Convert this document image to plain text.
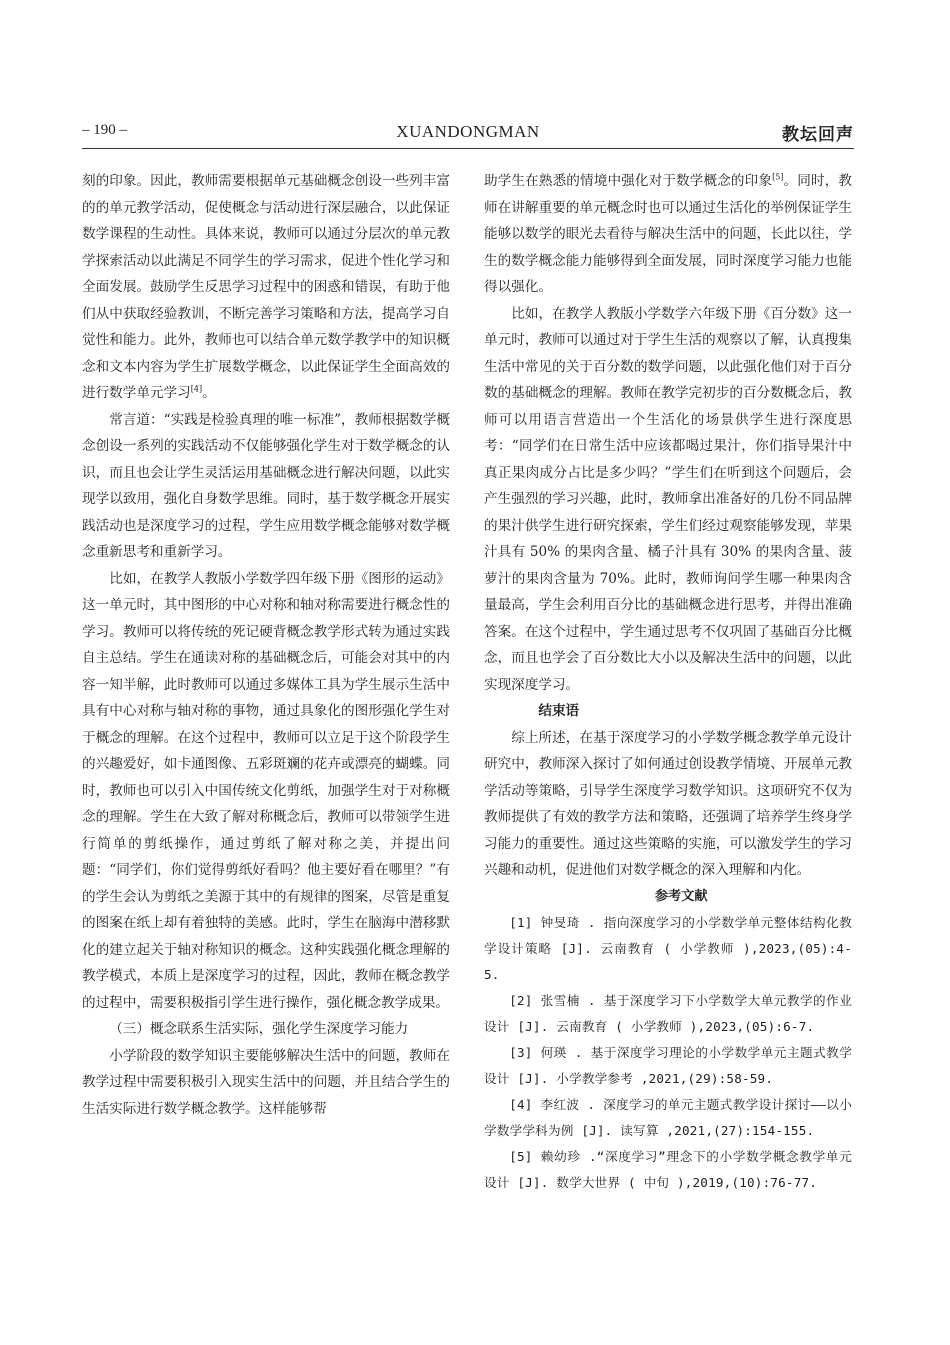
– 190 –	XUANDONGMAN	教坛回声

刻的印象。因此，教师需要根据单元基础概念创设一些列丰富的的单元教学活动，促使概念与活动进行深层融合，以此保证数学课程的生动性。具体来说，教师可以通过分层次的单元教学探索活动以此满足不同学生的学习需求，促进个性化学习和全面发展。鼓励学生反思学习过程中的困惑和错误，有助于他们从中获取经验教训，不断完善学习策略和方法，提高学习自觉性和能力。此外，教师也可以结合单元数学教学中的知识概念和文本内容为学生扩展数学概念，以此保证学生全面高效的进行数学单元学习[4]。

常言道：“实践是检验真理的唯一标准”，教师根据数学概念创设一系列的实践活动不仅能够强化学生对于数学概念的认识，而且也会让学生灵活运用基础概念进行解决问题，以此实现学以致用，强化自身数学思维。同时，基于数学概念开展实践活动也是深度学习的过程，学生应用数学概念能够对数学概念重新思考和重新学习。

比如，在教学人教版小学数学四年级下册《图形的运动》这一单元时，其中图形的中心对称和轴对称需要进行概念性的学习。教师可以将传统的死记硬背概念教学形式转为通过实践自主总结。学生在通读对称的基础概念后，可能会对其中的内容一知半解，此时教师可以通过多媒体工具为学生展示生活中具有中心对称与轴对称的事物，通过具象化的图形强化学生对于概念的理解。在这个过程中，教师可以立足于这个阶段学生的兴趣爱好，如卡通图像、五彩斑斓的花卉或漂亮的蝴蝶。同时，教师也可以引入中国传统文化剪纸，加强学生对于对称概念的理解。学生在大致了解对称概念后，教师可以带领学生进行简单的剪纸操作，通过剪纸了解对称之美，并提出问题：“同学们，你们觉得剪纸好看吗？他主要好看在哪里？”有的学生会认为剪纸之美源于其中的有规律的图案，尽管是重复的图案在纸上却有着独特的美感。此时，学生在脑海中潜移默化的建立起关于轴对称知识的概念。这种实践强化概念理解的教学模式，本质上是深度学习的过程，因此，教师在概念教学的过程中，需要积极指引学生进行操作，强化概念教学成果。

（三）概念联系生活实际，强化学生深度学习能力

小学阶段的数学知识主要能够解决生活中的问题，教师在教学过程中需要积极引入现实生活中的问题，并且结合学生的生活实际进行数学概念教学。这样能够帮

助学生在熟悉的情境中强化对于数学概念的印象[5]。同时，教师在讲解重要的单元概念时也可以通过生活化的举例保证学生能够以数学的眼光去看待与解决生活中的问题，长此以往，学生的数学概念能力能够得到全面发展，同时深度学习能力也能得以强化。

比如，在教学人教版小学数学六年级下册《百分数》这一单元时，教师可以通过对于学生生活的观察以了解，认真搜集生活中常见的关于百分数的数学问题，以此强化他们对于百分数的基础概念的理解。教师在教学完初步的百分数概念后，教师可以用语言营造出一个生活化的场景供学生进行深度思考：“同学们在日常生活中应该都喝过果汁，你们指导果汁中真正果肉成分占比是多少吗？”学生们在听到这个问题后，会产生强烈的学习兴趣，此时，教师拿出准备好的几份不同品牌的果汁供学生进行研究探索，学生们经过观察能够发现，苹果汁具有 50% 的果肉含量、橘子汁具有 30% 的果肉含量、菠萝汁的果肉含量为 70%。此时，教师询问学生哪一种果肉含量最高，学生会利用百分比的基础概念进行思考，并得出准确答案。在这个过程中，学生通过思考不仅巩固了基础百分比概念，而且也学会了百分数比大小以及解决生活中的问题，以此实现深度学习。

结束语

综上所述，在基于深度学习的小学数学概念教学单元设计研究中，教师深入探讨了如何通过创设教学情境、开展单元教学活动等策略，引导学生深度学习数学知识。这项研究不仅为教师提供了有效的教学方法和策略，还强调了培养学生终身学习能力的重要性。通过这些策略的实施，可以激发学生的学习兴趣和动机，促进他们对数学概念的深入理解和内化。

参考文献

[1] 钟旻琦 . 指向深度学习的小学数学单元整体结构化教学设计策略 [J]. 云南教育 ( 小学教师 ),2023,(05):4-5.

[2] 张雪楠 . 基于深度学习下小学数学大单元教学的作业设计 [J]. 云南教育 ( 小学教师 ),2023,(05):6-7.

[3] 何瑛 . 基于深度学习理论的小学数学单元主题式教学设计 [J]. 小学教学参考 ,2021,(29):58-59.

[4] 李红波 . 深度学习的单元主题式教学设计探讨——以小学数学学科为例 [J]. 读写算 ,2021,(27):154-155.

[5] 赖幼珍 .“深度学习”理念下的小学数学概念教学单元设计 [J]. 数学大世界 ( 中旬 ),2019,(10):76-77.
